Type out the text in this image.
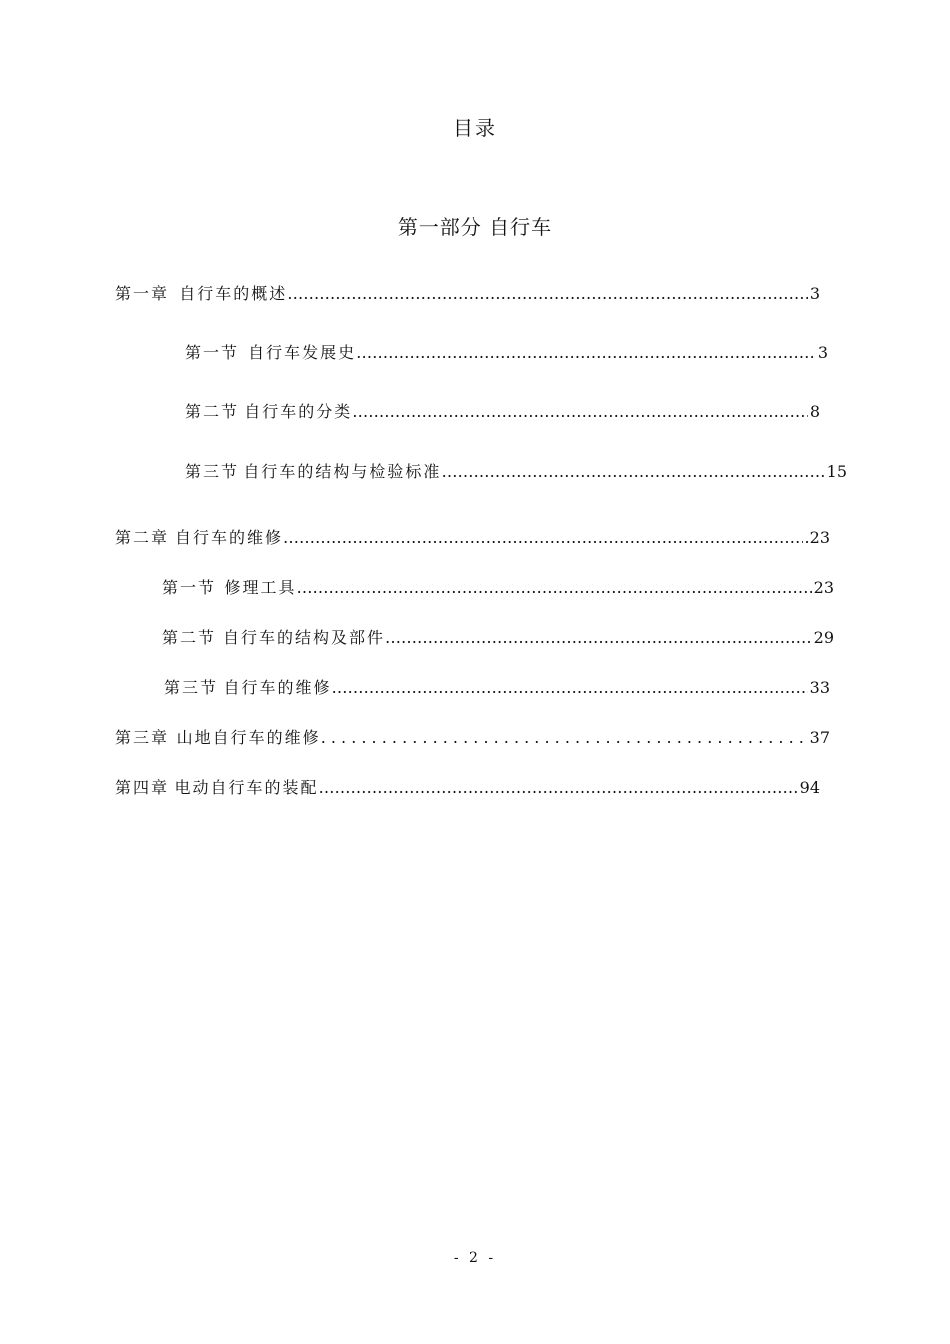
目录
第一部分 自行车
第一章 自行车的概述 …………………………………………………………………………………………………………………………………………………………………………………………………………	3
第一节 自行车发展史 …………………………………………………………………………………………………………………………………………………………………………………………………………	3
第二节 自行车的分类 …………………………………………………………………………………………………………………………………………………………………………………………………………	8
第三节 自行车的结构与检验标准 …………………………………………………………………………………………………………………………………………………………………………………………………………	15
第二章 自行车的维修 …………………………………………………………………………………………………………………………………………………………………………………………………………	.23
第一节 修理工具 …………………………………………………………………………………………………………………………………………………………………………………………………………	23
第二节 自行车的结构及部件 …………………………………………………………………………………………………………………………………………………………………………………………………………	29
第三节 自行车的维修 …………………………………………………………………………………………………………………………………………………………………………………………………………	33
第三章 山地自行车的维修 . . .	37
第四章 电动自行车的装配 …………………………………………………………………………………………………………………………………………………………………………………………………………	94
- 2 -
